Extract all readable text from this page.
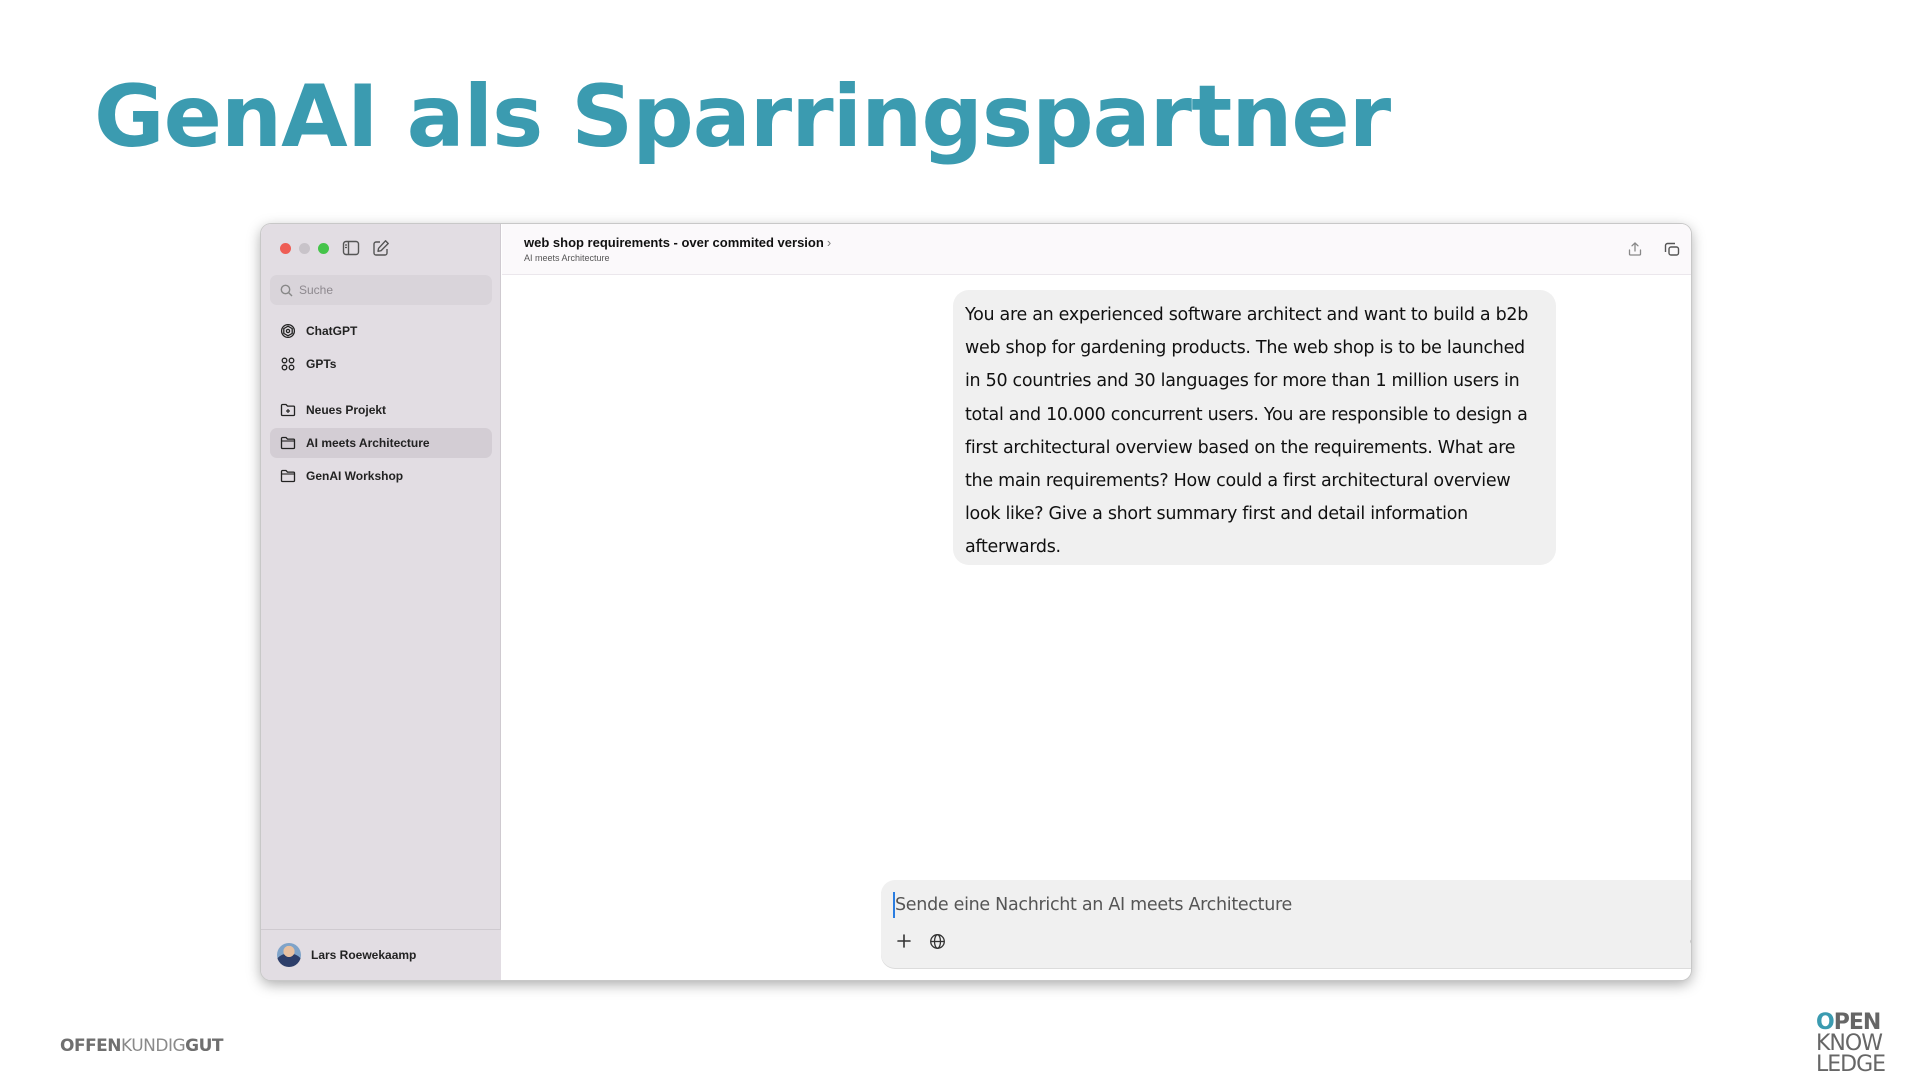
GenAI als Sparringspartner
Suche
ChatGPT
GPTs
Neues Projekt
AI meets Architecture
GenAI Workshop
Lars Roewekaamp
web shop requirements - over commited version ›
AI meets Architecture
You are an experienced software architect and want to build a b2b web shop for gardening products. The web shop is to be launched in 50 countries and 30 languages for more than 1 million users in total and 10.000 concurrent users. You are responsible to design a first architectural overview based on the requirements. What are the main requirements? How could a first architectural overview look like? Give a short summary first and detail information afterwards.
Sende eine Nachricht an AI meets Architecture
OFFENKUNDIGGUT
OPEN
KNOW
LEDGE
